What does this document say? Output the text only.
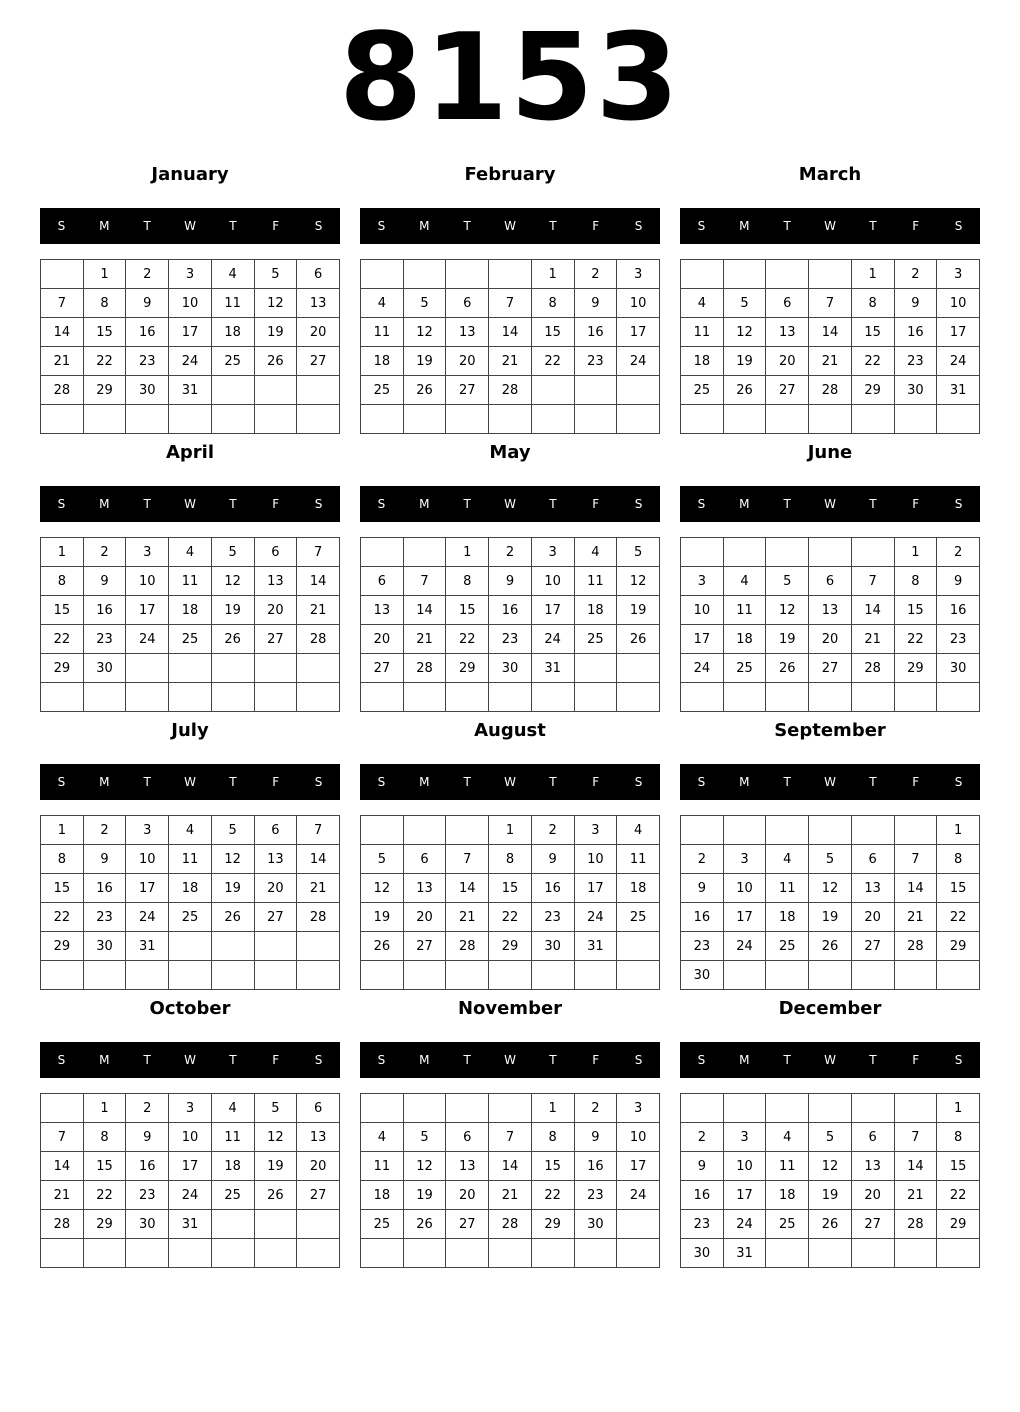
8153
January
S	M	T	W	T	F	S
	1	2	3	4	5	6
7	8	9	10	11	12	13
14	15	16	17	18	19	20
21	22	23	24	25	26	27
28	29	30	31			

February
S	M	T	W	T	F	S
				1	2	3
4	5	6	7	8	9	10
11	12	13	14	15	16	17
18	19	20	21	22	23	24
25	26	27	28			

March
S	M	T	W	T	F	S
				1	2	3
4	5	6	7	8	9	10
11	12	13	14	15	16	17
18	19	20	21	22	23	24
25	26	27	28	29	30	31

April
S	M	T	W	T	F	S
1	2	3	4	5	6	7
8	9	10	11	12	13	14
15	16	17	18	19	20	21
22	23	24	25	26	27	28
29	30					

May
S	M	T	W	T	F	S
		1	2	3	4	5
6	7	8	9	10	11	12
13	14	15	16	17	18	19
20	21	22	23	24	25	26
27	28	29	30	31		

June
S	M	T	W	T	F	S
					1	2
3	4	5	6	7	8	9
10	11	12	13	14	15	16
17	18	19	20	21	22	23
24	25	26	27	28	29	30

July
S	M	T	W	T	F	S
1	2	3	4	5	6	7
8	9	10	11	12	13	14
15	16	17	18	19	20	21
22	23	24	25	26	27	28
29	30	31				

August
S	M	T	W	T	F	S
			1	2	3	4
5	6	7	8	9	10	11
12	13	14	15	16	17	18
19	20	21	22	23	24	25
26	27	28	29	30	31	

September
S	M	T	W	T	F	S
						1
2	3	4	5	6	7	8
9	10	11	12	13	14	15
16	17	18	19	20	21	22
23	24	25	26	27	28	29
30						
October
S	M	T	W	T	F	S
	1	2	3	4	5	6
7	8	9	10	11	12	13
14	15	16	17	18	19	20
21	22	23	24	25	26	27
28	29	30	31			

November
S	M	T	W	T	F	S
				1	2	3
4	5	6	7	8	9	10
11	12	13	14	15	16	17
18	19	20	21	22	23	24
25	26	27	28	29	30	

December
S	M	T	W	T	F	S
						1
2	3	4	5	6	7	8
9	10	11	12	13	14	15
16	17	18	19	20	21	22
23	24	25	26	27	28	29
30	31					
